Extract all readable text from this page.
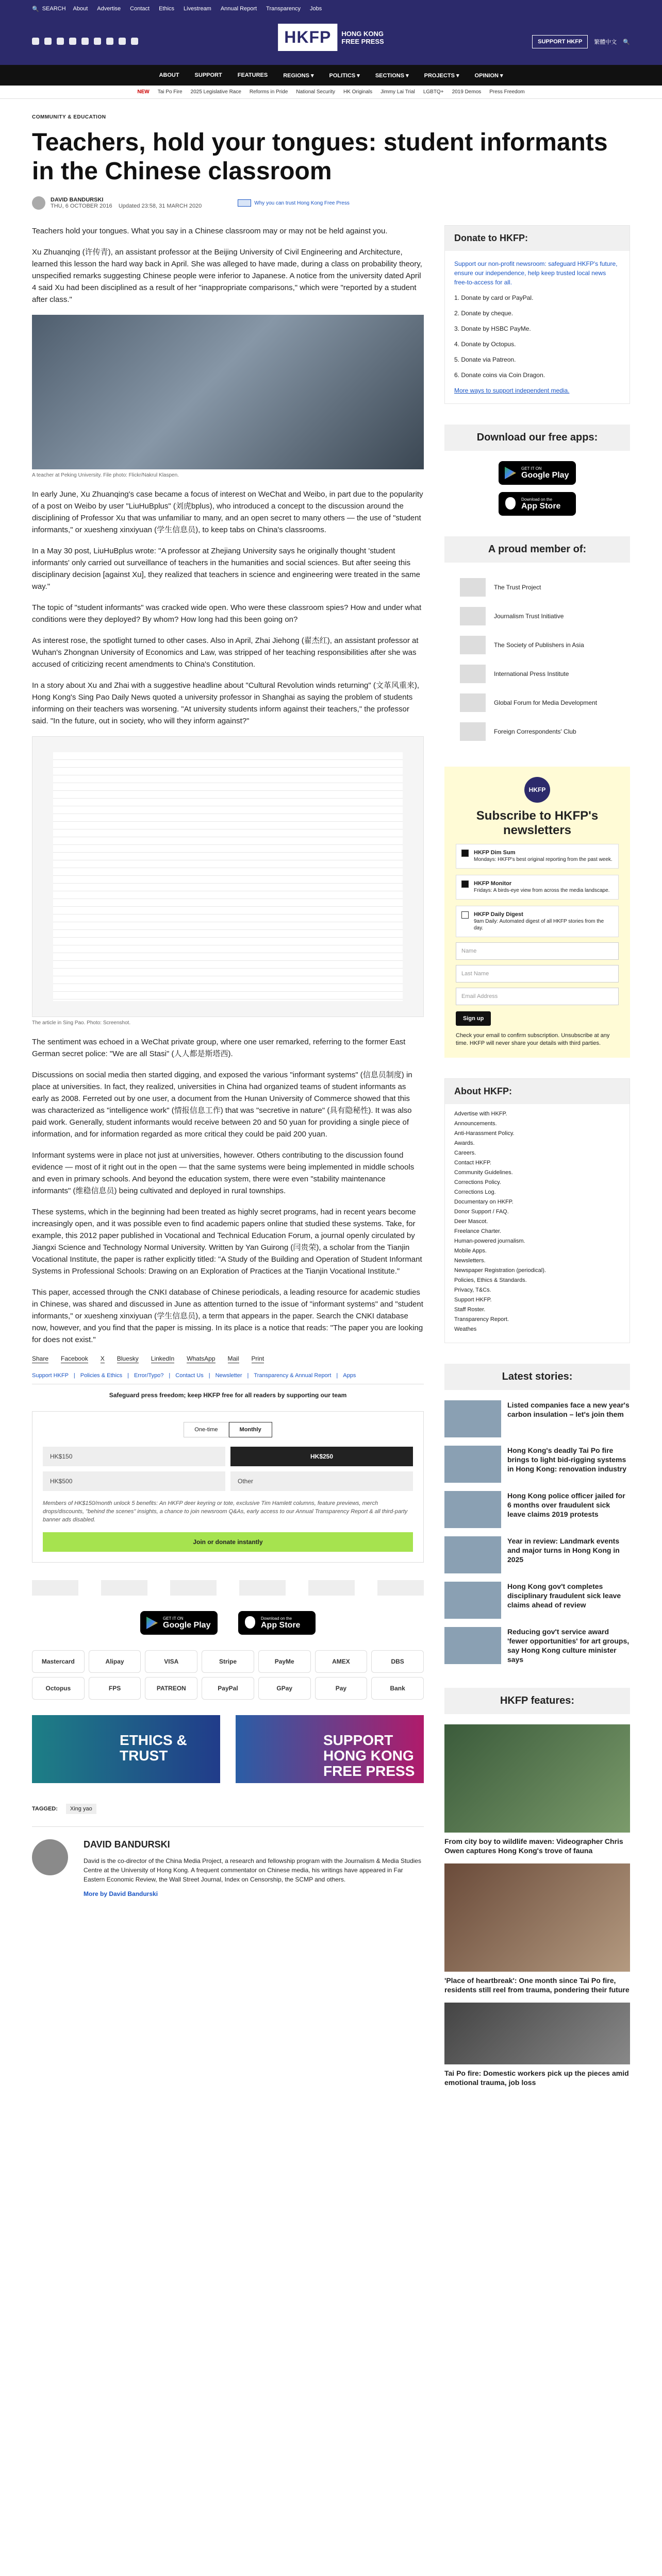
🔍 SEARCH About Advertise Contact Ethics Livestream Annual Report Transparency Jobs
HKFP	HONG KONG
FREE PRESS	SUPPORT HKFP	繁體中文 🔍
ABOUT	SUPPORT	FEATURES	REGIONS ▾	POLITICS ▾	SECTIONS ▾	PROJECTS ▾	OPINION ▾
NEW Tai Po Fire 2025 Legislative Race Reforms in Pride National Security HK Originals Jimmy Lai Trial LGBTQ+ 2019 Demos Press Freedom
COMMUNITY & EDUCATION
Teachers, hold your tongues: student informants in the Chinese classroom
DAVID BANDURSKI
THU, 6 OCTOBER 2016 Updated 23:58, 31 MARCH 2020	Why you can trust Hong Kong Free Press

Teachers hold your tongues. What you say in a Chinese classroom may or may not be held against you.

Xu Zhuanqing (许传青), an assistant professor at the Beijing University of Civil Engineering and Architecture, learned this lesson the hard way back in April. She was alleged to have made, during a class on probability theory, unspecified remarks suggesting Chinese people were inferior to Japanese. A notice from the university dated April 4 said Xu had been disciplined as a result of her "inappropriate comparisons," which were "reported by a student after class."

A teacher at Peking University. File photo: Flickr/Nakrul Klaspen.

In early June, Xu Zhuanqing's case became a focus of interest on WeChat and Weibo, in part due to the popularity of a post on Weibo by user "LiuHuBplus" (刘虎bplus), who introduced a concept to the discussion around the disciplining of Professor Xu that was unfamiliar to many, and an open secret to many others — the use of "student informants," or xuesheng xinxiyuan (学生信息员), to keep tabs on China's classrooms.

In a May 30 post, LiuHuBplus wrote: "A professor at Zhejiang University says he originally thought 'student informants' only carried out surveillance of teachers in the humanities and social sciences. But after seeing this disciplinary decision [against Xu], they realized that teachers in science and engineering were treated in the same way."

The topic of "student informants" was cracked wide open. Who were these classroom spies? How and under what conditions were they deployed? By whom? How long had this been going on?

As interest rose, the spotlight turned to other cases. Also in April, Zhai Jiehong (翟杰红), an assistant professor at Wuhan's Zhongnan University of Economics and Law, was stripped of her teaching responsibilities after she was accused of criticizing recent amendments to China's Constitution.

In a story about Xu and Zhai with a suggestive headline about "Cultural Revolution winds returning" (文革风重来), Hong Kong's Sing Pao Daily News quoted a university professor in Shanghai as saying the problem of students informing on their teachers was worsening. "At university students inform against their teachers," the professor said. "In the future, out in society, who will they inform against?"

The article in Sing Pao. Photo: Screenshot.

The sentiment was echoed in a WeChat private group, where one user remarked, referring to the former East German secret police: "We are all Stasi" (人人都是斯塔西).

Discussions on social media then started digging, and exposed the various "informant systems" (信息员制度) in place at universities. In fact, they realized, universities in China had organized teams of student informants as early as 2008. Ferreted out by one user, a document from the Hunan University of Commerce showed that this was characterized as "intelligence work" (情报信息工作) that was "secretive in nature" (具有隐秘性). It was also paid work. Generally, student informants would receive between 20 and 50 yuan for providing a single piece of information, and for information regarded as more critical they could be paid 200 yuan.

Informant systems were in place not just at universities, however. Others contributing to the discussion found evidence — most of it right out in the open — that the same systems were being implemented in middle schools and even in primary schools. And beyond the education system, there were even "stability maintenance informants" (维稳信息员) being cultivated and deployed in rural townships.

These systems, which in the beginning had been treated as highly secret programs, had in recent years become increasingly open, and it was possible even to find academic papers online that studied these systems. Take, for example, this 2012 paper published in Vocational and Technical Education Forum, a journal openly circulated by Jiangxi Science and Technology Normal University. Written by Yan Guirong (闫贵荣), a scholar from the Tianjin Vocational Institute, the paper is rather explicitly titled: "A Study of the Building and Operation of Student Informant Systems in Professional Schools: Drawing on an Exploration of Practices at the Tianjin Vocational Institute."

This paper, accessed through the CNKI database of Chinese periodicals, a leading resource for academic studies in Chinese, was shared and discussed in June as attention turned to the issue of "informant systems" and "student informants," or xuesheng xinxiyuan (学生信息员), a term that appears in the paper. Search the CNKI database now, however, and you find that the paper is missing. In its place is a notice that reads: "The paper you are looking for does not exist."

Share Facebook X Bluesky LinkedIn WhatsApp Mail Print
Support HKFP | Policies & Ethics | Error/Typo? | Contact Us | Newsletter | Transparency & Annual Report | Apps
Safeguard press freedom; keep HKFP free for all readers by supporting our team
One-time	Monthly
HK$150	HK$250
HK$500	Other
Members of HK$150/month unlock 5 benefits: An HKFP deer keyring or tote, exclusive Tim Hamlett columns, feature previews, merch drops/discounts, "behind the scenes" insights, a chance to join newsroom Q&As, early access to our Annual Transparency Report & all third-party banner ads disabled.
Join or donate instantly
GET IT ON
Google Play
Download on the
App Store
Mastercard	Alipay	VISA	Stripe	PayMe	AMEX	DBS
Octopus	FPS	PATREON	PayPal	GPay	Pay	Bank
ETHICS & TRUST
SUPPORT HONG KONG FREE PRESS
TAGGED:	Xing yao
DAVID BANDURSKI
David is the co-director of the China Media Project, a research and fellowship program with the Journalism & Media Studies Centre at the University of Hong Kong. A frequent commentator on Chinese media, his writings have appeared in Far Eastern Economic Review, the Wall Street Journal, Index on Censorship, the SCMP and others.
More by David Bandurski
Donate to HKFP:
Support our non-profit newsroom: safeguard HKFP's future, ensure our independence, help keep trusted local news free-to-access for all.
1. Donate by card or PayPal.
2. Donate by cheque.
3. Donate by HSBC PayMe.
4. Donate by Octopus.
5. Donate via Patreon.
6. Donate coins via Coin Dragon.
More ways to support independent media.
Download our free apps:
GET IT ON
Google Play
Download on the
App Store
A proud member of:
The Trust Project
Journalism Trust Initiative
The Society of Publishers in Asia
International Press Institute
Global Forum for Media Development
Foreign Correspondents' Club
HKFP
Subscribe to HKFP's newsletters
HKFP Dim Sum
Mondays: HKFP's best original reporting from the past week.
HKFP Monitor
Fridays: A birds-eye view from across the media landscape.
HKFP Daily Digest
9am Daily: Automated digest of all HKFP stories from the day.
Name
Last Name
Email Address
Sign up
Check your email to confirm subscription. Unsubscribe at any time. HKFP will never share your details with third parties.
About HKFP:
Advertise with HKFP.
Announcements.
Anti-Harassment Policy.
Awards.
Careers.
Contact HKFP.
Community Guidelines.
Corrections Policy.
Corrections Log.
Documentary on HKFP.
Donor Support / FAQ.
Deer Mascot.
Freelance Charter.
Human-powered journalism.
Mobile Apps.
Newsletters.
Newspaper Registration (periodical).
Policies, Ethics & Standards.
Privacy, T&Cs.
Support HKFP.
Staff Roster.
Transparency Report.
Weathes
Latest stories:
Listed companies face a new year's carbon insulation – let's join them
Hong Kong's deadly Tai Po fire brings to light bid-rigging systems in Hong Kong: renovation industry
Hong Kong police officer jailed for 6 months over fraudulent sick leave claims 2019 protests
Year in review: Landmark events and major turns in Hong Kong in 2025
Hong Kong gov't completes disciplinary fraudulent sick leave claims ahead of review
Reducing gov't service award 'fewer opportunities' for art groups, say Hong Kong culture minister says
HKFP features:
From city boy to wildlife maven: Videographer Chris Owen captures Hong Kong's trove of fauna
'Place of heartbreak': One month since Tai Po fire, residents still reel from trauma, pondering their future
Tai Po fire: Domestic workers pick up the pieces amid emotional trauma, job loss
